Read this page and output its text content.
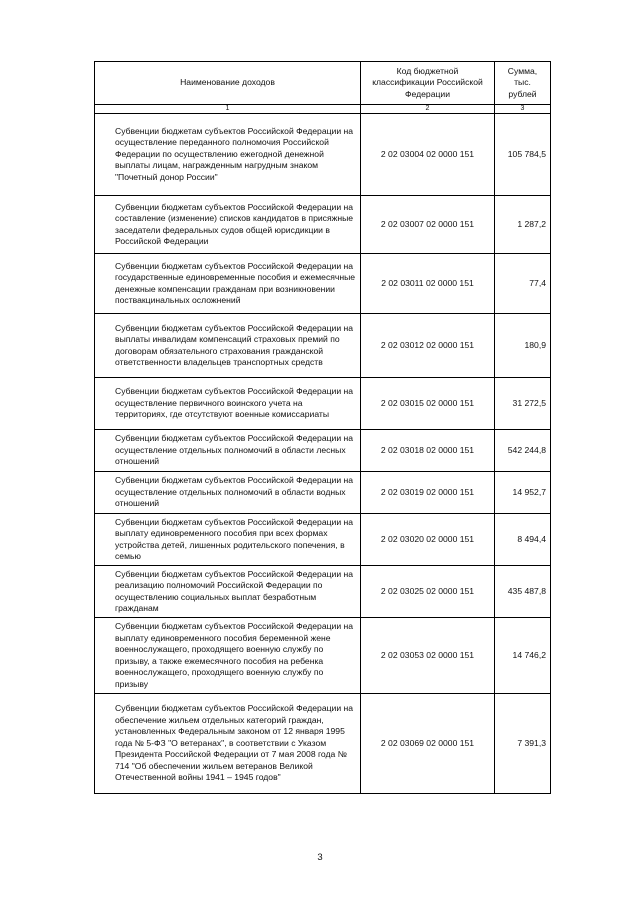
Наименование доходов	Код бюджетной классификации Российской Федерации	Сумма, тыс. рублей
1	2	3
Субвенции бюджетам субъектов Российской Федерации на осуществление переданного полномочия Российской Федерации по осуществлению ежегодной денежной выплаты лицам, награжденным нагрудным знаком "Почетный донор России"	2 02 03004 02 0000 151	105 784,5
Субвенции бюджетам субъектов Российской Федерации на составление (изменение) списков кандидатов в присяжные заседатели федеральных судов общей юрисдикции в Российской Федерации	2 02 03007 02 0000 151	1 287,2
Субвенции бюджетам субъектов Российской Федерации на государственные единовременные пособия и ежемесячные денежные компенсации гражданам при возникновении поствакцинальных осложнений	2 02 03011 02 0000 151	77,4
Субвенции бюджетам субъектов Российской Федерации на выплаты инвалидам компенсаций страховых премий по договорам обязательного страхования гражданской ответственности владельцев транспортных средств	2 02 03012 02 0000 151	180,9
Субвенции бюджетам субъектов Российской Федерации на осуществление первичного воинского учета на территориях, где отсутствуют военные комиссариаты	2 02 03015 02 0000 151	31 272,5
Субвенции бюджетам субъектов Российской Федерации на осуществление отдельных полномочий в области лесных отношений	2 02 03018 02 0000 151	542 244,8
Субвенции бюджетам субъектов Российской Федерации на осуществление отдельных полномочий в области водных отношений	2 02 03019 02 0000 151	14 952,7
Субвенции бюджетам субъектов Российской Федерации на выплату единовременного пособия при всех формах устройства детей, лишенных родительского попечения, в семью	2 02 03020 02 0000 151	8 494,4
Субвенции бюджетам субъектов Российской Федерации на реализацию полномочий Российской Федерации по осуществлению социальных выплат безработным гражданам	2 02 03025 02 0000 151	435 487,8
Субвенции бюджетам субъектов Российской Федерации на выплату единовременного пособия беременной жене военнослужащего, проходящего военную службу по призыву, а также ежемесячного пособия на ребенка военнослужащего, проходящего военную службу по призыву	2 02 03053 02 0000 151	14 746,2
Субвенции бюджетам субъектов Российской Федерации на обеспечение жильем отдельных категорий граждан, установленных Федеральным законом от 12 января 1995 года № 5-ФЗ "О ветеранах", в соответствии с Указом Президента Российской Федерации от 7 мая 2008 года № 714 "Об обеспечении жильем ветеранов Великой Отечественной войны 1941 – 1945 годов"	2 02 03069 02 0000 151	7 391,3
3
